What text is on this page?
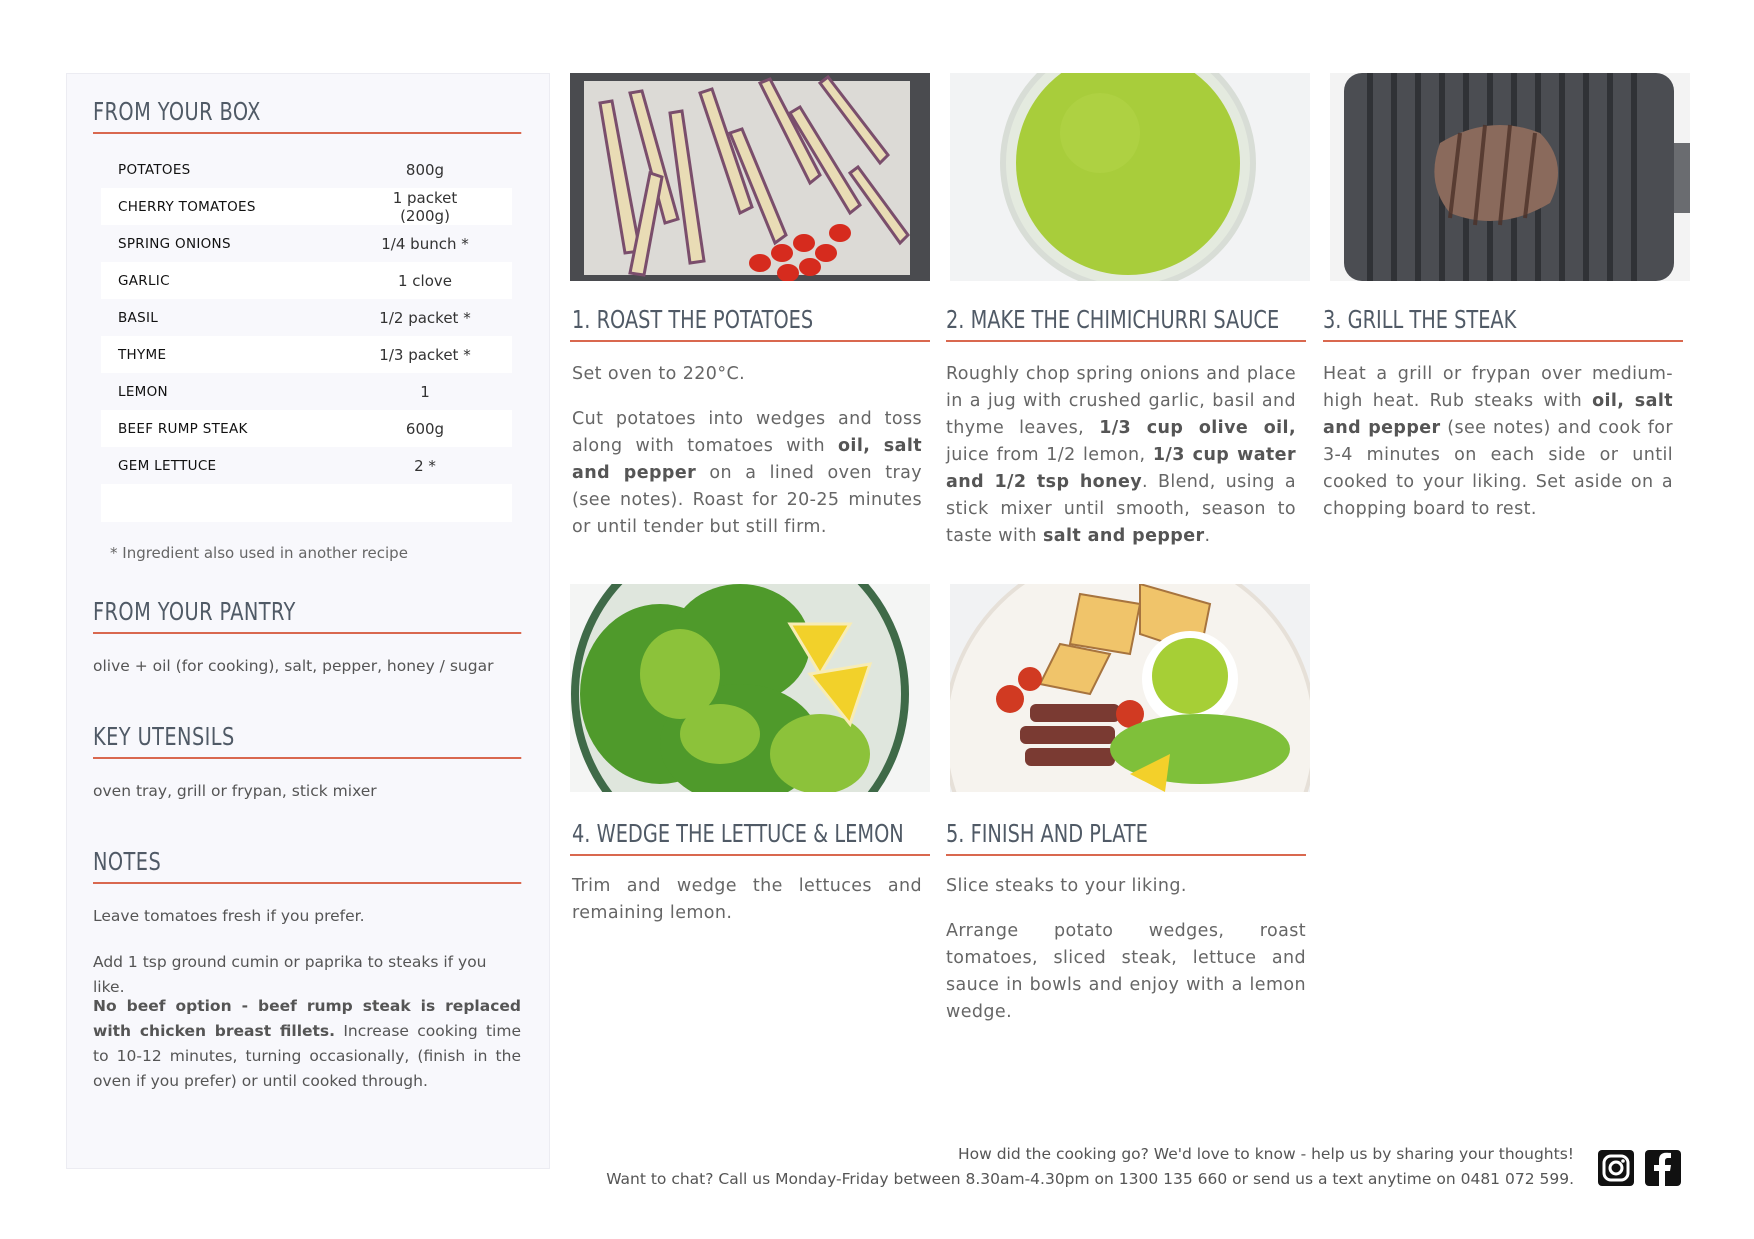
FROM YOUR BOX
POTATOES	800g
CHERRY TOMATOES	1 packet (200g)
SPRING ONIONS	1/4 bunch *
GARLIC	1 clove
BASIL	1/2 packet *
THYME	1/3 packet *
LEMON	1
BEEF RUMP STEAK	600g
GEM LETTUCE	2 *
* Ingredient also used in another recipe
FROM YOUR PANTRY
olive + oil (for cooking), salt, pepper, honey / sugar
KEY UTENSILS
oven tray, grill or frypan, stick mixer
NOTES
Leave tomatoes fresh if you prefer.
Add 1 tsp ground cumin or paprika to steaks if you like.
No beef option - beef rump steak is replaced with chicken breast fillets. Increase cooking time to 10-12 minutes, turning occasionally, (finish in the oven if you prefer) or until cooked through.
1. ROAST THE POTATOES	2. MAKE THE CHIMICHURRI SAUCE	3. GRILL THE STEAK

Set oven to 220°C.

Cut potatoes into wedges and toss along with tomatoes with oil, salt and pepper on a lined oven tray (see notes). Roast for 20-25 minutes or until tender but still firm.

Roughly chop spring onions and place in a jug with crushed garlic, basil and thyme leaves, 1/3 cup olive oil, juice from 1/2 lemon, 1/3 cup water and 1/2 tsp honey. Blend, using a stick mixer until smooth, season to taste with salt and pepper.

Heat a grill or frypan over medium-high heat. Rub steaks with oil, salt and pepper (see notes) and cook for 3-4 minutes on each side or until cooked to your liking. Set aside on a chopping board to rest.

4. WEDGE THE LETTUCE & LEMON	5. FINISH AND PLATE

Trim and wedge the lettuces and remaining lemon.

Slice steaks to your liking.

Arrange potato wedges, roast tomatoes, sliced steak, lettuce and sauce in bowls and enjoy with a lemon wedge.

How did the cooking go? We'd love to know - help us by sharing your thoughts!
Want to chat? Call us Monday-Friday between 8.30am-4.30pm on 1300 135 660 or send us a text anytime on 0481 072 599.
